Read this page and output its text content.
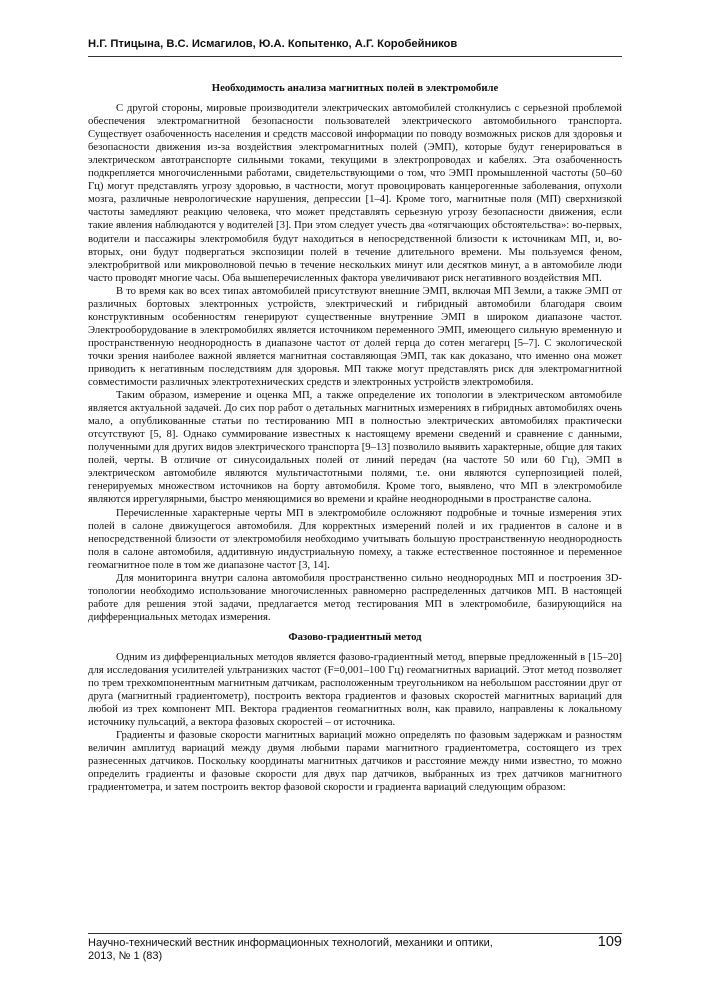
Н.Г. Птицына, В.С. Исмагилов, Ю.А. Копытенко, А.Г. Коробейников
Необходимость анализа магнитных полей в электромобиле

С другой стороны, мировые производители электрических автомобилей столкнулись с серьезной проблемой обеспечения электромагнитной безопасности пользователей электрического автомобильного транспорта. Существует озабоченность населения и средств массовой информации по поводу возможных рисков для здоровья и безопасности движения из-за воздействия электромагнитных полей (ЭМП), которые будут генерироваться в электрическом автотранспорте сильными токами, текущими в электропроводах и кабелях. Эта озабоченность подкрепляется многочисленными работами, свидетельствующими о том, что ЭМП промышленной частоты (50–60 Гц) могут представлять угрозу здоровью, в частности, могут провоцировать канцерогенные заболевания, опухоли мозга, различные неврологические нарушения, депрессии [1–4]. Кроме того, магнитные поля (МП) сверхнизкой частоты замедляют реакцию человека, что может представлять серьезную угрозу безопасности движения, если такие явления наблюдаются у водителей [3]. При этом следует учесть два «отягчающих обстоятельства»: во-первых, водители и пассажиры электромобиля будут находиться в непосредственной близости к источникам МП, и, во-вторых, они будут подвергаться экспозиции полей в течение длительного времени. Мы пользуемся феном, электробритвой или микроволновой печью в течение нескольких минут или десятков минут, а в автомобиле люди часто проводят многие часы. Оба вышеперечисленных фактора увеличивают риск негативного воздействия МП.

В то время как во всех типах автомобилей присутствуют внешние ЭМП, включая МП Земли, а также ЭМП от различных бортовых электронных устройств, электрический и гибридный автомобили благодаря своим конструктивным особенностям генерируют существенные внутренние ЭМП в широком диапазоне частот. Электрооборудование в электромобилях является источником переменного ЭМП, имеющего сильную временную и пространственную неоднородность в диапазоне частот от долей герца до сотен мегагерц [5–7]. С экологической точки зрения наиболее важной является магнитная составляющая ЭМП, так как доказано, что именно она может приводить к негативным последствиям для здоровья. МП также могут представлять риск для электромагнитной совместимости различных электротехнических средств и электронных устройств электромобиля.

Таким образом, измерение и оценка МП, а также определение их топологии в электрическом автомобиле является актуальной задачей. До сих пор работ о детальных магнитных измерениях в гибридных автомобилях очень мало, а опубликованные статьи по тестированию МП в полностью электрических автомобилях практически отсутствуют [5, 8]. Однако суммирование известных к настоящему времени сведений и сравнение с данными, полученными для других видов электрического транспорта [9–13] позволило выявить характерные, общие для таких полей, черты. В отличие от синусоидальных полей от линий передач (на частоте 50 или 60 Гц), ЭМП в электрическом автомобиле являются мультичастотными полями, т.е. они являются суперпозицией полей, генерируемых множеством источников на борту автомобиля. Кроме того, выявлено, что МП в электромобиле являются иррегулярными, быстро меняющимися во времени и крайне неоднородными в пространстве салона.

Перечисленные характерные черты МП в электромобиле осложняют подробные и точные измерения этих полей в салоне движущегося автомобиля. Для корректных измерений полей и их градиентов в салоне и в непосредственной близости от электромобиля необходимо учитывать большую пространственную неоднородность поля в салоне автомобиля, аддитивную индустриальную помеху, а также естественное постоянное и переменное геомагнитное поле в том же диапазоне частот [3, 14].

Для мониторинга внутри салона автомобиля пространственно сильно неоднородных МП и построения 3D-топологии необходимо использование многочисленных равномерно распределенных датчиков МП. В настоящей работе для решения этой задачи, предлагается метод тестирования МП в электромобиле, базирующийся на дифференциальных методах измерения.

Фазово-градиентный метод

Одним из дифференциальных методов является фазово-градиентный метод, впервые предложенный в [15–20] для исследования усилителей ультранизких частот (F=0,001–100 Гц) геомагнитных вариаций. Этот метод позволяет по трем трехкомпонентным магнитным датчикам, расположенным треугольником на небольшом расстоянии друг от друга (магнитный градиентометр), построить вектора градиентов и фазовых скоростей магнитных вариаций для любой из трех компонент МП. Вектора градиентов геомагнитных волн, как правило, направлены к локальному источнику пульсаций, а вектора фазовых скоростей – от источника.

Градиенты и фазовые скорости магнитных вариаций можно определять по фазовым задержкам и разностям величин амплитуд вариаций между двумя любыми парами магнитного градиентометра, состоящего из трех разнесенных датчиков. Поскольку координаты магнитных датчиков и расстояние между ними известно, то можно определить градиенты и фазовые скорости для двух пар датчиков, выбранных из трех датчиков магнитного градиентометра, и затем построить вектор фазовой скорости и градиента вариаций следующим образом:

Научно-технический вестник информационных технологий, механики и оптики,
2013, № 1 (83)
109
